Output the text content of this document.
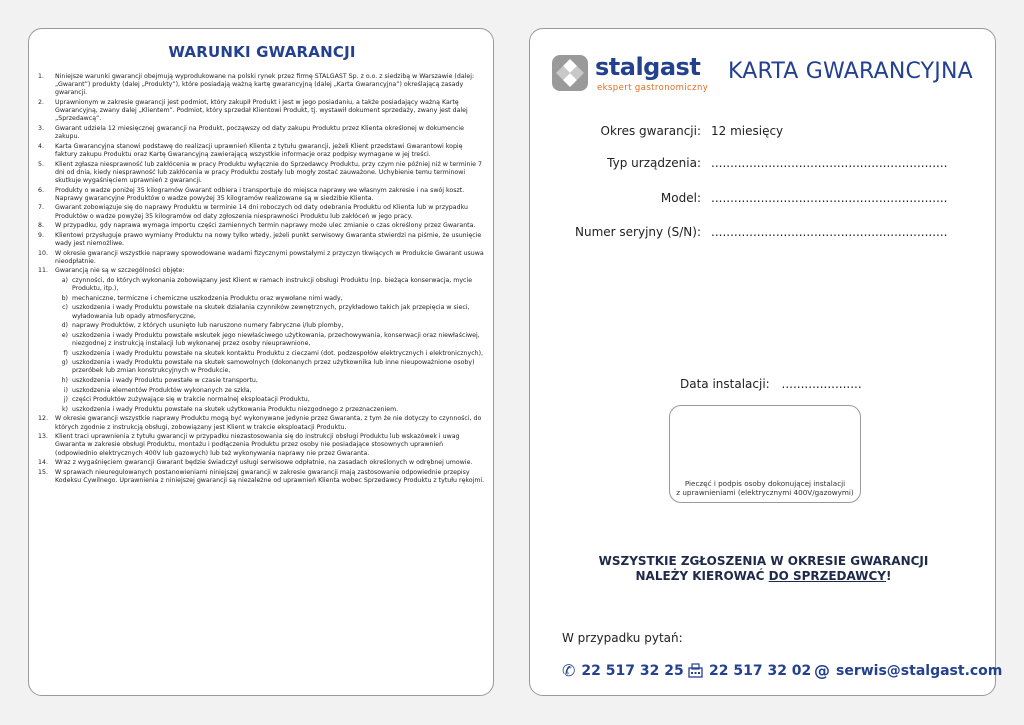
WARUNKI GWARANCJI
1.	Niniejsze warunki gwarancji obejmują wyprodukowane na polski rynek przez firmę STALGAST Sp. z o.o. z siedzibą w Warszawie (dalej: „Gwarant”) produkty (dalej „Produkty”), które posiadają ważną kartę gwarancyjną (dalej „Karta Gwarancyjna”) określającą zasady gwarancji.
2.	Uprawnionym w zakresie gwarancji jest podmiot, który zakupił Produkt i jest w jego posiadaniu, a także posiadający ważną Kartę Gwarancyjną, zwany dalej „Klientem”. Podmiot, który sprzedał Klientowi Produkt, tj. wystawił dokument sprzedaży, zwany jest dalej „Sprzedawcą”.
3.	Gwarant udziela 12 miesięcznej gwarancji na Produkt, począwszy od daty zakupu Produktu przez Klienta określonej w dokumencie zakupu.
4.	Karta Gwarancyjna stanowi podstawę do realizacji uprawnień Klienta z tytułu gwarancji, jeżeli Klient przedstawi Gwarantowi kopię faktury zakupu Produktu oraz Kartę Gwarancyjną zawierającą wszystkie informacje oraz podpisy wymagane w jej treści.
5.	Klient zgłasza niesprawność lub zakłócenia w pracy Produktu wyłącznie do Sprzedawcy Produktu, przy czym nie później niż w terminie 7 dni od dnia, kiedy niesprawność lub zakłócenia w pracy Produktu zostały lub mogły zostać zauważone. Uchybienie temu terminowi skutkuje wygaśnięciem uprawnień z gwarancji.
6.	Produkty o wadze poniżej 35 kilogramów Gwarant odbiera i transportuje do miejsca naprawy we własnym zakresie i na swój koszt. Naprawy gwarancyjne Produktów o wadze powyżej 35 kilogramów realizowane są w siedzibie Klienta.
7.	Gwarant zobowiązuje się do naprawy Produktu w terminie 14 dni roboczych od daty odebrania Produktu od Klienta lub w przypadku Produktów o wadze powyżej 35 kilogramów od daty zgłoszenia niesprawności Produktu lub zakłóceń w jego pracy.
8.	W przypadku, gdy naprawa wymaga importu części zamiennych termin naprawy może ulec zmianie o czas określony przez Gwaranta.
9.	Klientowi przysługuje prawo wymiany Produktu na nowy tylko wtedy, jeżeli punkt serwisowy Gwaranta stwierdzi na piśmie, że usunięcie wady jest niemożliwe.
10.	W okresie gwarancji wszystkie naprawy spowodowane wadami fizycznymi powstałymi z przyczyn tkwiących w Produkcie Gwarant usuwa nieodpłatnie.
11.	Gwarancją nie są w szczególności objęte:
a) czynności, do których wykonania zobowiązany jest Klient w ramach instrukcji obsługi Produktu (np. bieżąca konserwacja, mycie Produktu, itp.),
b) mechaniczne, termiczne i chemiczne uszkodzenia Produktu oraz wywołane nimi wady,
c) uszkodzenia i wady Produktu powstałe na skutek działania czynników zewnętrznych, przykładowo takich jak przepięcia w sieci, wyładowania lub opady atmosferyczne,
d) naprawy Produktów, z których usunięto lub naruszono numery fabryczne i/lub plomby,
e) uszkodzenia i wady Produktu powstałe wskutek jego niewłaściwego użytkowania, przechowywania, konserwacji oraz niewłaściwej, niezgodnej z instrukcją instalacji lub wykonanej przez osoby nieuprawnione,
f) uszkodzenia i wady Produktu powstałe na skutek kontaktu Produktu z cieczami (dot. podzespołów elektrycznych i elektronicznych),
g) uszkodzenia i wady Produktu powstałe na skutek samowolnych (dokonanych przez użytkownika lub inne nieupoważnione osoby) przeróbek lub zmian konstrukcyjnych w Produkcie,
h) uszkodzenia i wady Produktu powstałe w czasie transportu,
i) uszkodzenia elementów Produktów wykonanych ze szkła,
j) części Produktów zużywające się w trakcie normalnej eksploatacji Produktu,
k) uszkodzenia i wady Produktu powstałe na skutek użytkowania Produktu niezgodnego z przeznaczeniem.
12.	W okresie gwarancji wszystkie naprawy Produktu mogą być wykonywane jedynie przez Gwaranta, z tym że nie dotyczy to czynności, do których zgodnie z instrukcją obsługi, zobowiązany jest Klient w trakcie eksploatacji Produktu.
13.	Klient traci uprawnienia z tytułu gwarancji w przypadku niezastosowania się do instrukcji obsługi Produktu lub wskazówek i uwag Gwaranta w zakresie obsługi Produktu, montażu i podłączenia Produktu przez osoby nie posiadające stosownych uprawnień (odpowiednio elektrycznych 400V lub gazowych) lub też wykonywania naprawy nie przez Gwaranta.
14.	Wraz z wygaśnięciem gwarancji Gwarant będzie świadczył usługi serwisowe odpłatnie, na zasadach określonych w odrębnej umowie.
15.	W sprawach nieuregulowanych postanowieniami niniejszej gwarancji w zakresie gwarancji mają zastosowanie odpowiednie przepisy Kodeksu Cywilnego. Uprawnienia z niniejszej gwarancji są niezależne od uprawnień Klienta wobec Sprzedawcy Produktu z tytułu rękojmi.
stalgast
ekspert gastronomiczny
KARTA GWARANCYJNA
Okres gwarancji: 12 miesięcy
Typ urządzenia: ..............................................................
Model: ..............................................................
Numer seryjny (S/N): ..............................................................
Data instalacji: .....................
Pieczęć i podpis osoby dokonującej instalacji
z uprawnieniami (elektrycznymi 400V/gazowymi)
WSZYSTKIE ZGŁOSZENIA W OKRESIE GWARANCJI
NALEŻY KIEROWAĆ DO SPRZEDAWCY!
W przypadku pytań:
✆ 22 517 32 25	22 517 32 02 @ serwis@stalgast.com
